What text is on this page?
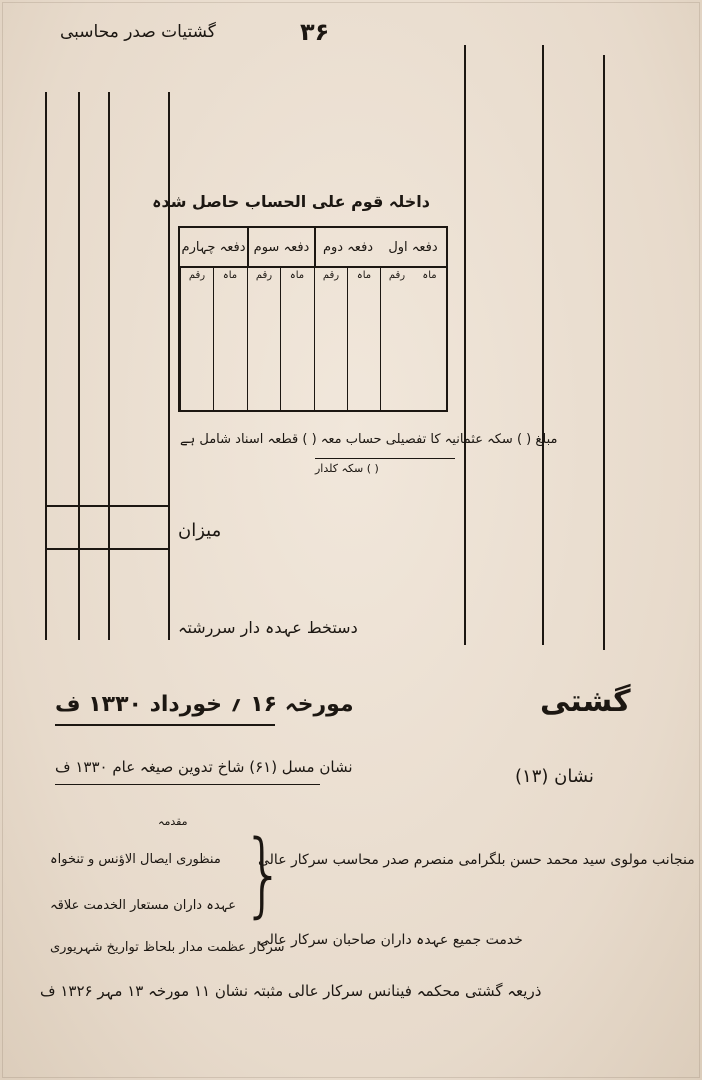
گشتیات صدر محاسبی	۳۶
داخلہ قوم علی الحساب حاصل شدہ
دفعہ اول
دفعہ دوم
دفعہ سوم
دفعہ چہارم
ماہ
رقم
ماہ
رقم
ماہ
رقم
ماہ
رقم
مبلغ ( ) سکہ عثمانیہ کا تفصیلی حساب معہ ( ) قطعہ اسناد شامل ہے
( ) سکہ کلدار
میزان
دستخط عہدہ دار سررشتہ
گشتی
مورخہ ۱۶ ؍ خورداد ۱۳۳۰ ف
نشان (۱۳)
نشان مسل (۶۱) شاخ تدوین صیغہ عام ۱۳۳۰ ف
مقدمہ
منجانب مولوی سید محمد حسن بلگرامی منصرم صدر محاسب سرکار عالی
خدمت جمیع عہدہ داران صاحبان سرکار عالی
}
منظوری ایصال الاؤنس و تنخواہ
عہدہ داران مستعار الخدمت علاقہ
سرکار عظمت مدار بلحاظ تواریخ شہریوری
ذریعہ گشتی محکمہ فینانس سرکار عالی مثبتہ نشان ۱۱ مورخہ ۱۳ مہر ۱۳۲۶ ف
